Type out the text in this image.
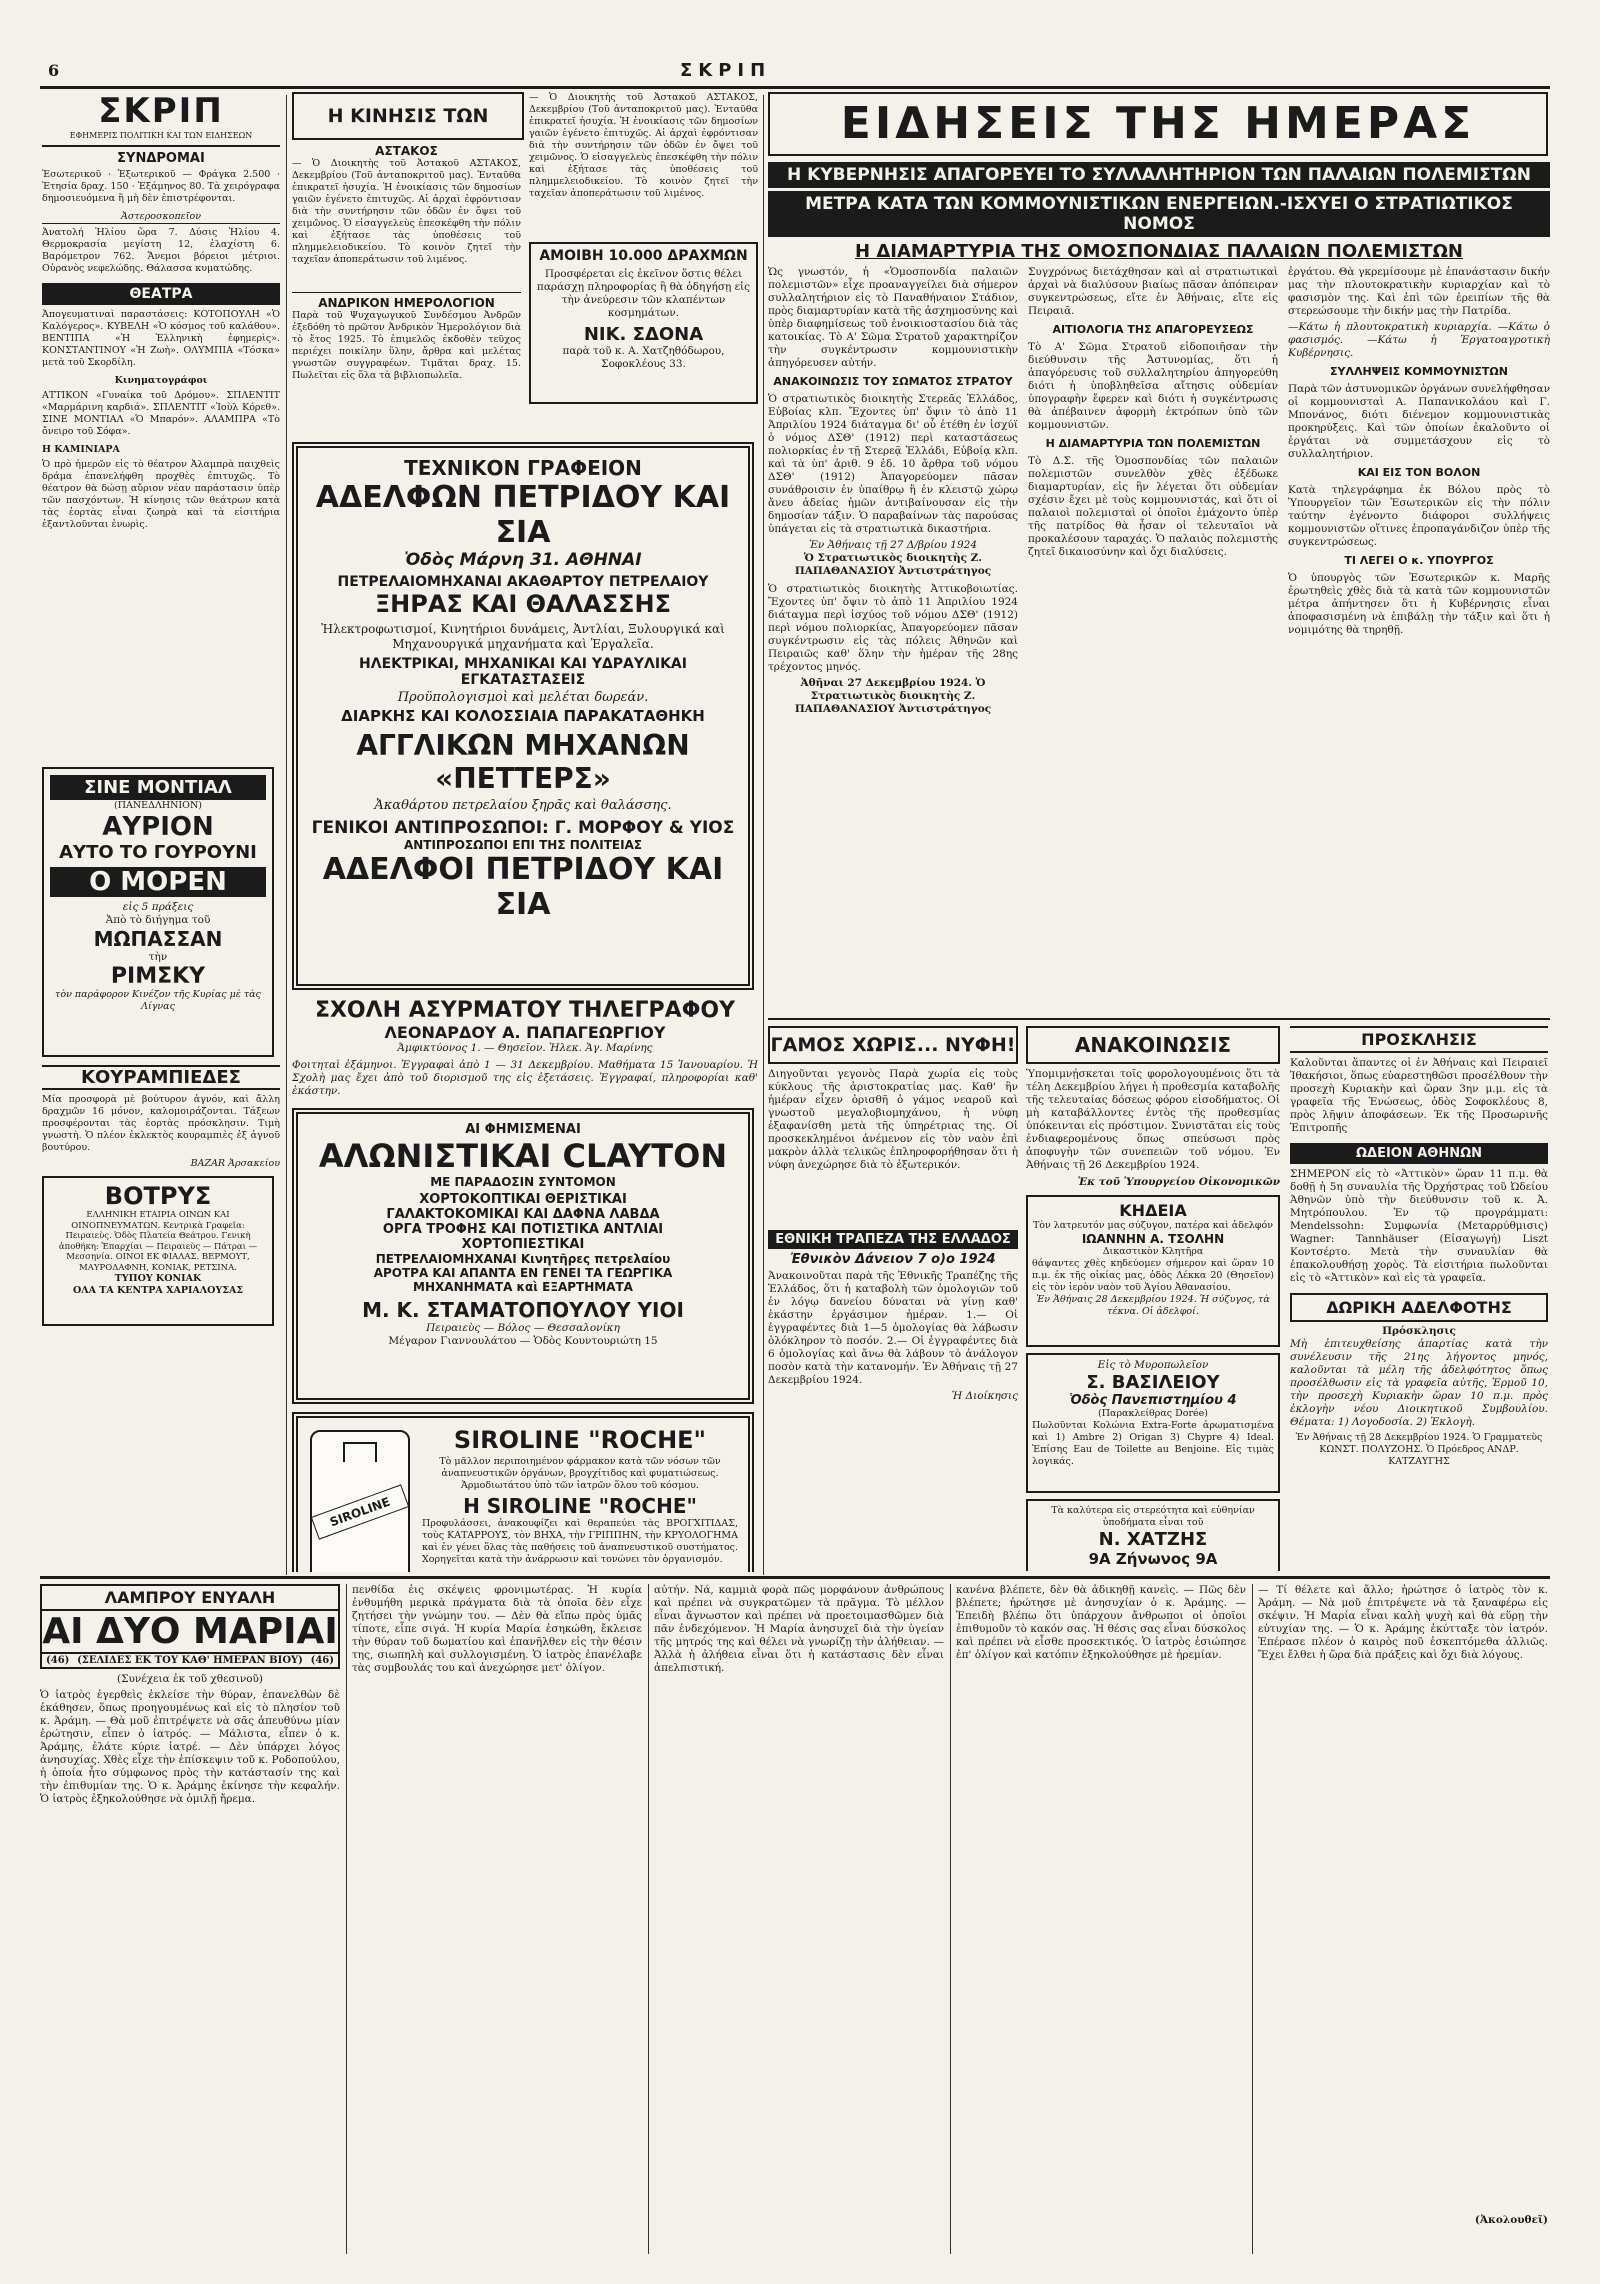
6	ΣΚΡΙΠ
ΣΚΡΙΠ
ΕΦΗΜΕΡΙΣ ΠΟΛΙΤΙΚΗ ΚΑΙ ΤΩΝ ΕΙΔΗΣΕΩΝ
ΣΥΝΔΡΟΜΑΙ
Ἐσωτερικοῦ · Ἐξωτερικοῦ — Φράγκα 2.500 · Ἐτησία δραχ. 150 · Ἑξάμηνος 80. Τὰ χειρόγραφα δημοσιευόμενα ἢ μὴ δὲν ἐπιστρέφονται.
Ἀστεροσκοπεῖον
Ἀνατολή Ἡλίου ὥρα 7. Δύσις Ἡλίου 4. Θερμοκρασία μεγίστη 12, ἐλαχίστη 6. Βαρόμετρον 762. Ἄνεμοι βόρειοι μέτριοι. Οὐρανὸς νεφελώδης. Θάλασσα κυματώδης.
ΘΕΑΤΡΑ
Ἀπογευματιναὶ παραστάσεις: ΚΟΤΟΠΟΥΛΗ «Ὁ Καλόγερος». ΚΥΒΕΛΗ «Ὁ κόσμος τοῦ καλάθου». ΒΕΝΤΙΠΑ «Ἡ Ἑλληνικὴ ἐφημερὶς». ΚΟΝΣΤΑΝΤΙΝΟΥ «Ἡ Ζωὴ». ΟΛΥΜΠΙΑ «Τόσκα» μετὰ τοῦ Σκορδίλη.
Κινηματογράφοι
ΑΤΤΙΚΟΝ «Γυναίκα τοῦ Δρόμου». ΣΠΛΕΝΤΙΤ «Μαρμάρινη καρδιά». ΣΠΛΕΝΤΙΤ «Ἰοὺλ Κόρεθ». ΣΙΝΕ ΜΟΝΤΙΑΛ «Ὁ Μπαρόν». ΑΛΑΜΠΡΑ «Τὸ ὄνειρο τοῦ Σόφα».
Η ΚΑΜΙΝΙΑΡΑ
Ὁ πρὸ ἡμερῶν εἰς τὸ θέατρον Ἀλαμπρὰ παιχθεὶς δράμα ἐπανελήφθη προχθὲς ἐπιτυχῶς. Τὸ θέατρον θὰ δώσῃ αὔριον νέαν παράστασιν ὑπὲρ τῶν πασχόντων. Ἡ κίνησις τῶν θεάτρων κατὰ τὰς ἑορτὰς εἶναι ζωηρὰ καὶ τὰ εἰσιτήρια ἐξαντλοῦνται ἐνωρὶς.
ΣΙΝΕ ΜΟΝΤΙΑΛ
(ΠΑΝΕΔΛΗΝΙΟΝ)
ΑΥΡΙΟΝ
ΑΥΤΟ ΤΟ ΓΟΥΡΟΥΝΙ
Ο ΜΟΡΕΝ
εἰς 5 πράξεις
Ἀπὸ τὸ διήγημα τοῦ
ΜΩΠΑΣΣΑΝ
τὴν
ΡΙΜΣΚΥ
τὸν παράφορον Κινέζον τῆς Κυρίας μὲ τὰς Λίγνας
ΚΟΥΡΑΜΠΙΕΔΕΣ
Μία προσφορὰ μὲ βούτυρον ἀγνόν, καὶ ἄλλη δραχμῶν 16 μόνον, καλομοιράζονται. Τάξεων προσφέρονται τὰς ἑορτὰς πρόσκλησιν. Τιμὴ γνωστὴ. Ὁ πλέον ἐκλεκτὸς κουραμπιὲς ἐξ ἀγνοῦ βουτύρου.
BAZAR Ἀρσακείου
ΒΟΤΡΥΣ
ΕΛΛΗΝΙΚΗ ΕΤΑΙΡΙΑ ΟΙΝΩΝ ΚΑΙ ΟΙΝΟΠΝΕΥΜΑΤΩΝ. Κεντρικὰ Γραφεῖα: Πειραιεὺς. Ὁδὸς Πλατεία Θεάτρου. Γενικὴ ἀποθήκη: Ἐπαρχίαι — Πειραιεὺς — Πάτραι — Μεσσηνία. ΟΙΝΟΙ ΕΚ ΦΙΑΛΑΣ. ΒΕΡΜΟΥΤ, ΜΑΥΡΟΔΑΦΝΗ, ΚΟΝΙΑΚ, ΡΕΤΣΙΝΑ.
ΤΥΠΟΥ ΚΟΝΙΑΚ
ΟΛΑ ΤΑ ΚΕΝΤΡΑ ΧΑΡΙΑΛΟΥΣΑΣ
Η ΚΙΝΗΣΙΣ ΤΩΝ
ΑΣΤΑΚΟΣ
— Ὁ Διοικητὴς τοῦ Ἀστακοῦ ΑΣΤΑΚΟΣ, Δεκεμβρίου (Τοῦ ἀνταποκριτοῦ μας). Ἐνταῦθα ἐπικρατεῖ ἡσυχία. Ἡ ἐνοικίασις τῶν δημοσίων γαιῶν ἐγένετο ἐπιτυχῶς. Αἱ ἀρχαὶ ἐφρόντισαν διὰ τὴν συντήρησιν τῶν ὁδῶν ἐν ὄψει τοῦ χειμῶνος. Ὁ εἰσαγγελεὺς ἐπεσκέφθη τὴν πόλιν καὶ ἐξήτασε τὰς ὑποθέσεις τοῦ πλημμελειοδικείου. Τὸ κοινὸν ζητεῖ τὴν ταχεῖαν ἀποπεράτωσιν τοῦ λιμένος.
ΑΝΔΡΙΚΟΝ ΗΜΕΡΟΛΟΓΙΟΝ
Παρὰ τοῦ Ψυχαγωγικοῦ Συνδέσμου Ἀνδρῶν ἐξεδόθη τὸ πρῶτον Ἀνδρικὸν Ἡμερολόγιον διὰ τὸ ἔτος 1925. Τὸ ἐπιμελῶς ἐκδοθὲν τεῦχος περιέχει ποικίλην ὕλην, ἄρθρα καὶ μελέτας γνωστῶν συγγραφέων. Τιμᾶται δραχ. 15. Πωλεῖται εἰς ὅλα τὰ βιβλιοπωλεῖα.
— Ὁ Διοικητὴς τοῦ Ἀστακοῦ ΑΣΤΑΚΟΣ, Δεκεμβρίου (Τοῦ ἀνταποκριτοῦ μας). Ἐνταῦθα ἐπικρατεῖ ἡσυχία. Ἡ ἐνοικίασις τῶν δημοσίων γαιῶν ἐγένετο ἐπιτυχῶς. Αἱ ἀρχαὶ ἐφρόντισαν διὰ τὴν συντήρησιν τῶν ὁδῶν ἐν ὄψει τοῦ χειμῶνος. Ὁ εἰσαγγελεὺς ἐπεσκέφθη τὴν πόλιν καὶ ἐξήτασε τὰς ὑποθέσεις τοῦ πλημμελειοδικείου. Τὸ κοινὸν ζητεῖ τὴν ταχεῖαν ἀποπεράτωσιν τοῦ λιμένος.
ΑΜΟΙΒΗ 10.000 ΔΡΑΧΜΩΝ
Προσφέρεται εἰς ἐκεῖνον ὅστις θέλει παράσχῃ πληροφορίας ἢ θὰ ὁδηγήσῃ εἰς τὴν ἀνεύρεσιν τῶν κλαπέντων κοσμημάτων.
ΝΙΚ. ΣΔΟΝΑ
παρὰ τοῦ κ. Α. Χατζηθόδωρου, Σοφοκλέους 33.
ΤΕΧΝΙΚΟΝ ΓΡΑΦΕΙΟΝ
ΑΔΕΛΦΩΝ ΠΕΤΡΙΔΟΥ ΚΑΙ ΣΙΑ
Ὁδὸς Μάρνη 31. ΑΘΗΝΑΙ
ΠΕΤΡΕΛΑΙΟΜΗΧΑΝΑΙ ΑΚΑΘΑΡΤΟΥ ΠΕΤΡΕΛΑΙΟΥ
ΞΗΡΑΣ ΚΑΙ ΘΑΛΑΣΣΗΣ
Ἠλεκτροφωτισμοί, Κινητήριοι δυνάμεις, Ἀντλίαι, Ξυλουργικά καὶ Μηχανουργικά μηχανήματα καὶ Ἐργαλεῖα.
ΗΛΕΚΤΡΙΚΑΙ, ΜΗΧΑΝΙΚΑΙ ΚΑΙ ΥΔΡΑΥΛΙΚΑΙ ΕΓΚΑΤΑΣΤΑΣΕΙΣ
Προϋπολογισμοὶ καὶ μελέται δωρεάν.
ΔΙΑΡΚΗΣ ΚΑΙ ΚΟΛΟΣΣΙΑΙΑ ΠΑΡΑΚΑΤΑΘΗΚΗ
ΑΓΓΛΙΚΩΝ ΜΗΧΑΝΩΝ «ΠΕΤΤΕΡΣ»
Ἀκαθάρτου πετρελαίου ξηρᾶς καὶ θαλάσσης.
ΓΕΝΙΚΟΙ ΑΝΤΙΠΡΟΣΩΠΟΙ: Γ. ΜΟΡΦΟΥ & ΥΙΟΣ
ΑΝΤΙΠΡΟΣΩΠΟΙ ΕΠΙ ΤΗΣ ΠΟΛΙΤΕΙΑΣ
ΑΔΕΛΦΟΙ ΠΕΤΡΙΔΟΥ ΚΑΙ ΣΙΑ
ΣΧΟΛΗ ΑΣΥΡΜΑΤΟΥ ΤΗΛΕΓΡΑΦΟΥ
ΛΕΟΝΑΡΔΟΥ Α. ΠΑΠΑΓΕΩΡΓΙΟΥ
Ἀμφικτύονος 1. — Θησεῖον. Ἠλεκ. Ἁγ. Μαρίνης
Φοιτηταὶ ἐξάμηνοι. Ἐγγραφαὶ ἀπὸ 1 — 31 Δεκεμβρίου. Μαθήματα 15 Ἰανουαρίου. Ἡ Σχολὴ μας ἔχει ἀπὸ τοῦ διορισμοῦ της εἰς ἐξετάσεις. Ἐγγραφαί, πληροφορίαι καθ' ἑκάστην.
ΑΙ ΦΗΜΙΣΜΕΝΑΙ
ΑΛΩΝΙΣΤΙΚΑΙ CLAYTON
ΜΕ ΠΑΡΑΔΟΣΙΝ ΣΥΝΤΟΜΟΝ
ΧΟΡΤΟΚΟΠΤΙΚΑΙ ΘΕΡΙΣΤΙΚΑΙ
ΓΑΛΑΚΤΟΚΟΜΙΚΑΙ ΚΑΙ ΔΑΦΝΑ ΛΑΒΔΑ
ΟΡΓΑ ΤΡΟΦΗΣ ΚΑΙ ΠΟΤΙΣΤΙΚΑ ΑΝΤΛΙΑΙ
ΧΟΡΤΟΠΙΕΣΤΙΚΑΙ
ΠΕΤΡΕΛΑΙΟΜΗΧΑΝΑΙ Κινητῆρες πετρελαίου
ΑΡΟΤΡΑ ΚΑΙ ΑΠΑΝΤΑ ΕΝ ΓΕΝΕΙ ΤΑ ΓΕΩΡΓΙΚΑ
ΜΗΧΑΝΗΜΑΤΑ καὶ ΕΞΑΡΤΗΜΑΤΑ
Μ. Κ. ΣΤΑΜΑΤΟΠΟΥΛΟΥ ΥΙΟΙ
Πειραιεὺς — Βόλος — Θεσσαλονίκη
Μέγαρον Γιαννουλάτου — Ὁδὸς Κουντουριώτη 15
SIROLINE
SIROLINE "ROCHE"
Τὸ μᾶλλον περιποιημένον φάρμακον κατὰ τῶν νόσων τῶν ἀναπνευστικῶν ὀργάνων, βρογχίτιδος καὶ φυματιώσεως. Ἀρμοδιωτάτου ὑπὸ τῶν ἰατρῶν ὅλου τοῦ κόσμου.
Η SIROLINE "ROCHE"
Προφυλάσσει, ἀνακουφίζει καὶ θεραπεύει τὰς ΒΡΟΓΧΙΤΙΔΑΣ, τοὺς ΚΑΤΑΡΡΟΥΣ, τὸν ΒΗΧΑ, τὴν ΓΡΙΠΠΗΝ, τὴν ΚΡΥΟΛΟΓΗΜΑ καὶ ἐν γένει ὅλας τὰς παθήσεις τοῦ ἀναπνευστικοῦ συστήματος. Χορηγεῖται κατὰ τὴν ἀνάρρωσιν καὶ τονώνει τὸν ὀργανισμόν.
ΕΙΔΗΣΕΙΣ ΤΗΣ ΗΜΕΡΑΣ
Η ΚΥΒΕΡΝΗΣΙΣ ΑΠΑΓΟΡΕΥΕΙ ΤΟ ΣΥΛΛΑΛΗΤΗΡΙΟΝ ΤΩΝ ΠΑΛΑΙΩΝ ΠΟΛΕΜΙΣΤΩΝ
ΜΕΤΡΑ ΚΑΤΑ ΤΩΝ ΚΟΜΜΟΥΝΙΣΤΙΚΩΝ ΕΝΕΡΓΕΙΩΝ.-ΙΣΧΥΕΙ Ο ΣΤΡΑΤΙΩΤΙΚΟΣ ΝΟΜΟΣ
Η ΔΙΑΜΑΡΤΥΡΙΑ ΤΗΣ ΟΜΟΣΠΟΝΔΙΑΣ ΠΑΛΑΙΩΝ ΠΟΛΕΜΙΣΤΩΝ
Ὡς γνωστόν, ἡ «Ὁμοσπονδία παλαιῶν πολεμιστῶν» εἶχε προαναγγείλει διὰ σήμερον συλλαλητήριον εἰς τὸ Παναθήναιον Στάδιον, πρὸς διαμαρτυρίαν κατὰ τῆς ἀσχημοσύνης καὶ ὑπὲρ διαφημίσεως τοῦ ἐνοικιοστασίου διὰ τὰς κατοικίας. Τὸ Α' Σῶμα Στρατοῦ χαρακτηρίζον τὴν συγκέντρωσιν κομμουνιστικὴν ἀπηγόρευσεν αὐτήν.
ΑΝΑΚΟΙΝΩΣΙΣ ΤΟΥ ΣΩΜΑΤΟΣ ΣΤΡΑΤΟΥ
Ὁ στρατιωτικὸς διοικητὴς Στερεᾶς Ἑλλάδος, Εὐβοίας κλπ. Ἔχοντες ὑπ' ὄψιν τὸ ἀπὸ 11 Ἀπριλίου 1924 διάταγμα δι' οὗ ἐτέθη ἐν ἰσχύϊ ὁ νόμος ΔΣΘ' (1912) περὶ καταστάσεως πολιορκίας ἐν τῇ Στερεᾷ Ἑλλάδι, Εὐβοίᾳ κλπ. καὶ τὰ ὑπ' ἀριθ. 9 ἐδ. 10 ἄρθρα τοῦ νόμου ΔΣΘ' (1912) Ἀπαγορεύομεν πᾶσαν συνάθροισιν ἐν ὑπαίθρῳ ἢ ἐν κλειστῷ χώρῳ ἄνευ ἀδείας ἡμῶν ἀντιβαίνουσαν εἰς τὴν δημοσίαν τάξιν. Ὁ παραβαίνων τὰς παρούσας ὑπάγεται εἰς τὰ στρατιωτικὰ δικαστήρια.
Ἐν Ἀθήναις τῇ 27 Δ/βρίου 1924
Ὁ Στρατιωτικὸς διοικητὴς Ζ. ΠΑΠΑΘΑΝΑΣΙΟΥ Ἀντιστράτηγος
Ὁ στρατιωτικὸς διοικητὴς Ἀττικοβοιωτίας. Ἔχοντες ὑπ' ὄψιν τὸ ἀπὸ 11 Ἀπριλίου 1924 διάταγμα περὶ ἰσχύος τοῦ νόμου ΔΣΘ' (1912) περὶ νόμου πολιορκίας, Ἀπαγορεύομεν πᾶσαν συγκέντρωσιν εἰς τὰς πόλεις Ἀθηνῶν καὶ Πειραιῶς καθ' ὅλην τὴν ἡμέραν τῆς 28ης τρέχοντος μηνός.
Ἀθῆναι 27 Δεκεμβρίου 1924. Ὁ Στρατιωτικὸς διοικητὴς Ζ. ΠΑΠΑΘΑΝΑΣΙΟΥ Ἀντιστράτηγος
Συγχρόνως διετάχθησαν καὶ αἱ στρατιωτικαὶ ἀρχαὶ νὰ διαλύσουν βιαίως πᾶσαν ἀπόπειραν συγκεντρώσεως, εἴτε ἐν Ἀθήναις, εἴτε εἰς Πειραιᾶ.
ΑΙΤΙΟΛΟΓΙΑ ΤΗΣ ΑΠΑΓΟΡΕΥΣΕΩΣ
Τὸ Α' Σῶμα Στρατοῦ εἰδοποιῆσαν τὴν διεύθυνσιν τῆς Ἀστυνομίας, ὅτι ἡ ἀπαγόρευσις τοῦ συλλαλητηρίου ἀπηγορεύθη διότι ἡ ὑποβληθεῖσα αἴτησις οὐδεμίαν ὑπογραφὴν ἔφερεν καὶ διότι ἡ συγκέντρωσις θὰ ἀπέβαινεν ἀφορμὴ ἐκτρόπων ὑπὸ τῶν κομμουνιστῶν.
Η ΔΙΑΜΑΡΤΥΡΙΑ ΤΩΝ ΠΟΛΕΜΙΣΤΩΝ
Τὸ Δ.Σ. τῆς Ὁμοσπονδίας τῶν παλαιῶν πολεμιστῶν συνελθὸν χθὲς ἐξέδωκε διαμαρτυρίαν, εἰς ἣν λέγεται ὅτι οὐδεμίαν σχέσιν ἔχει μὲ τοὺς κομμουνιστάς, καὶ ὅτι οἱ παλαιοὶ πολεμισταὶ οἱ ὁποῖοι ἐμάχοντο ὑπὲρ τῆς πατρίδος θὰ ἦσαν οἱ τελευταῖοι νὰ προκαλέσουν ταραχάς. Ὁ παλαιὸς πολεμιστὴς ζητεῖ δικαιοσύνην καὶ ὄχι διαλύσεις.
ἐργάτου. Θὰ γκρεμίσουμε μὲ ἐπανάστασιν δικήν μας τὴν πλουτοκρατικὴν κυριαρχίαν καὶ τὸ φασισμὸν της. Καὶ ἐπὶ τῶν ἐρειπίων τῆς θὰ στερεώσουμε τὴν δικήν μας τὴν Πατρίδα.
—Κάτω ἡ πλουτοκρατικὴ κυριαρχία. —Κάτω ὁ φασισμός. —Κάτω ἡ Ἐργατοαγροτικὴ Κυβέρνησις.
ΣΥΛΛΗΨΕΙΣ ΚΟΜΜΟΥΝΙΣΤΩΝ
Παρὰ τῶν ἀστυνομικῶν ὀργάνων συνελήφθησαν οἱ κομμουνισταὶ Α. Παπανικολάου καὶ Γ. Μπονάνος, διότι διένεμον κομμουνιστικὰς προκηρύξεις. Καὶ τῶν ὁποίων ἐκαλοῦντο οἱ ἐργάται νὰ συμμετάσχουν εἰς τὸ συλλαλητήριον.
ΚΑΙ ΕΙΣ ΤΟΝ ΒΟΛΟΝ
Κατὰ τηλεγράφημα ἐκ Βόλου πρὸς τὸ Ὑπουργεῖον τῶν Ἐσωτερικῶν εἰς τὴν πόλιν ταύτην ἐγένοντο διάφοροι συλλήψεις κομμουνιστῶν οἵτινες ἐπροπαγάνδιζον ὑπὲρ τῆς συγκεντρώσεως.
ΤΙ ΛΕΓΕΙ Ο κ. ΥΠΟΥΡΓΟΣ
Ὁ ὑπουργὸς τῶν Ἐσωτερικῶν κ. Μαρῆς ἐρωτηθεὶς χθὲς διὰ τὰ κατὰ τῶν κομμουνιστῶν μέτρα ἀπήντησεν ὅτι ἡ Κυβέρνησις εἶναι ἀποφασισμένη νὰ ἐπιβάλῃ τὴν τάξιν καὶ ὅτι ἡ νομιμότης θὰ τηρηθῇ.
ΓΑΜΟΣ ΧΩΡΙΣ... ΝΥΦΗ!
Διηγοῦνται γεγονὸς Παρὰ χωρία εἰς τοὺς κύκλους τῆς ἀριστοκρατίας μας. Καθ' ἣν ἡμέραν εἶχεν ὁρισθῆ ὁ γάμος νεαροῦ καὶ γνωστοῦ μεγαλοβιομηχάνου, ἡ νύφη ἐξαφανίσθη μετὰ τῆς ὑπηρέτριας της. Οἱ προσκεκλημένοι ἀνέμενον εἰς τὸν ναὸν ἐπὶ μακρὸν ἀλλὰ τελικῶς ἐπληροφορήθησαν ὅτι ἡ νύφη ἀνεχώρησε διὰ τὸ ἐξωτερικόν.
ΕΘΝΙΚΗ ΤΡΑΠΕΖΑ ΤΗΣ ΕΛΛΑΔΟΣ
Ἐθνικὸν Δάνειον 7 ο)ο 1924
Ἀνακοινοῦται παρὰ τῆς Ἐθνικῆς Τραπέζης τῆς Ἑλλάδος, ὅτι ἡ καταβολὴ τῶν ὁμολογιῶν τοῦ ἐν λόγῳ δανείου δύναται νὰ γίνῃ καθ' ἑκάστην ἐργάσιμον ἡμέραν. 1.— Οἱ ἐγγραφέντες διὰ 1—5 ὁμολογίας θὰ λάβωσιν ὁλόκληρον τὸ ποσόν. 2.— Οἱ ἐγγραφέντες διὰ 6 ὁμολογίας καὶ ἄνω θὰ λάβουν τὸ ἀνάλογον ποσὸν κατὰ τὴν κατανομήν. Ἐν Ἀθήναις τῇ 27 Δεκεμβρίου 1924.
Ἡ Διοίκησις
ΑΝΑΚΟΙΝΩΣΙΣ
Ὑπομιμνῄσκεται τοῖς φορολογουμένοις ὅτι τὰ τέλη Δεκεμβρίου λήγει ἡ προθεσμία καταβολῆς τῆς τελευταίας δόσεως φόρου εἰσοδήματος. Οἱ μὴ καταβάλλοντες ἐντὸς τῆς προθεσμίας ὑπόκεινται εἰς πρόστιμον. Συνιστᾶται εἰς τοὺς ἐνδιαφερομένους ὅπως σπεύσωσι πρὸς ἀποφυγὴν τῶν συνεπειῶν τοῦ νόμου. Ἐν Ἀθήναις τῇ 26 Δεκεμβρίου 1924.
Ἐκ τοῦ Ὑπουργείου Οἰκονομικῶν
ΚΗΔΕΙΑ
Τὸν λατρευτόν μας σύζυγον, πατέρα καὶ ἀδελφόν
ΙΩΑΝΝΗΝ Α. ΤΣΟΛΗΝ
Δικαστικὸν Κλητῆρα
θάψαντες χθὲς κηδεύομεν σήμερον καὶ ὥραν 10 π.μ. ἐκ τῆς οἰκίας μας, ὁδὸς Λέκκα 20 (Θησεῖον) εἰς τὸν ἱερὸν ναὸν τοῦ Ἁγίου Ἀθανασίου.
Ἐν Ἀθήναις 28 Δεκεμβρίου 1924. Ἡ σύζυγος, τὰ τέκνα. Οἱ ἀδελφοί.
Εἰς τὸ Μυροπωλεῖον
Σ. ΒΑΣΙΛΕΙΟΥ
Ὁδὸς Πανεπιστημίου 4
(Παρακλείθρας Dorée)
Πωλοῦνται Κολώνια Extra-Forte ἀρωματισμένα καὶ 1) Ambre 2) Origan 3) Chypre 4) Ideal. Ἐπίσης Eau de Toilette au Benjoine. Εἰς τιμὰς λογικάς.
Τὰ καλύτερα εἰς στερεότητα καὶ εὐθηνίαν ὑποδήματα εἶναι τοῦ
Ν. ΧΑΤΖΗΣ
9Α Ζήνωνος 9Α
ΠΡΟΣΚΛΗΣΙΣ
Καλοῦνται ἅπαντες οἱ ἐν Ἀθήναις καὶ Πειραιεῖ Ἰθακήσιοι, ὅπως εὐαρεστηθῶσι προσέλθουν τὴν προσεχὴ Κυριακὴν καὶ ὥραν 3ην μ.μ. εἰς τὰ γραφεῖα τῆς Ἑνώσεως, ὁδὸς Σοφοκλέους 8, πρὸς λῆψιν ἀποφάσεων. Ἐκ τῆς Προσωρινῆς Ἐπιτροπῆς
ΩΔΕΙΟΝ ΑΘΗΝΩΝ
ΣΗΜΕΡΟΝ εἰς τὸ «Ἀττικὸν» ὥραν 11 π.μ. θὰ δοθῇ ἡ 5η συναυλία τῆς Ὀρχήστρας τοῦ Ὠδείου Ἀθηνῶν ὑπὸ τὴν διεύθυνσιν τοῦ κ. Ἀ. Μητρόπουλου. Ἐν τῷ προγράμματι: Mendelssohn: Συμφωνία (Μεταρρύθμισις) Wagner: Tannhäuser (Εἰσαγωγή) Liszt Κοντσέρτο. Μετὰ τὴν συναυλίαν θὰ ἐπακολουθήσῃ χορὸς. Τὰ εἰσιτήρια πωλοῦνται εἰς τὸ «Ἀττικὸν» καὶ εἰς τὰ γραφεῖα.
ΔΩΡΙΚΗ ΑΔΕΛΦΟΤΗΣ
Πρόσκλησις
Μὴ ἐπιτευχθείσης ἀπαρτίας κατὰ τὴν συνέλευσιν τῆς 21ης λήγοντος μηνός, καλοῦνται τὰ μέλη τῆς ἀδελφότητος ὅπως προσέλθωσιν εἰς τὰ γραφεῖα αὐτῆς, Ἑρμοῦ 10, τὴν προσεχὴ Κυριακὴν ὥραν 10 π.μ. πρὸς ἐκλογὴν νέου Διοικητικοῦ Συμβουλίου. Θέματα: 1) Λογοδοσία. 2) Ἐκλογὴ.
Ἐν Ἀθήναις τῇ 28 Δεκεμβρίου 1924. Ὁ Γραμματεὺς ΚΩΝΣΤ. ΠΟΛΥΖΟΗΣ. Ὁ Πρόεδρος ΑΝΔΡ. ΚΑΤΖΑΥΓΗΣ
ΛΑΜΠΡΟΥ ΕΝΥΑΛΗ
ΑΙ ΔΥΟ ΜΑΡΙΑΙ
(46) (ΣΕΛΙΔΕΣ ΕΚ ΤΟΥ ΚΑΘ' ΗΜΕΡΑΝ ΒΙΟΥ) (46)
(Συνέχεια ἐκ τοῦ χθεσινοῦ)
Ὁ ἰατρὸς ἐγερθεὶς ἐκλείσε τὴν θύραν, ἐπανελθὼν δὲ ἐκάθησεν, ὅπως προηγουμένως καὶ εἰς τὸ πλησίον τοῦ κ. Ἀράμη. — Θὰ μοῦ ἐπιτρέψετε νὰ σᾶς ἀπευθύνω μίαν ἐρώτησιν, εἶπεν ὁ ἰατρός. — Μάλιστα, εἶπεν ὁ κ. Ἀράμης, ἐλάτε κύριε ἰατρέ. — Δὲν ὑπάρχει λόγος ἀνησυχίας. Χθὲς εἶχε τὴν ἐπίσκεψιν τοῦ κ. Ροδοπούλου, ἡ ὁποία ἦτο σύμφωνος πρὸς τὴν κατάστασίν της καὶ τὴν ἐπιθυμίαν της. Ὁ κ. Ἀράμης ἐκίνησε τὴν κεφαλήν. Ὁ ἰατρὸς ἐξηκολούθησε νὰ ὁμιλῇ ἤρεμα.
πενθίδα ἐις σκέψεις φρονιμωτέρας. Ἡ κυρία ἐνθυμήθη μερικὰ πράγματα διὰ τὰ ὁποῖα δὲν εἶχε ζητήσει τὴν γνώμην του. — Δὲν θὰ εἴπω πρὸς ὑμᾶς τίποτε, εἶπε σιγά. Ἡ κυρία Μαρία ἐσηκώθη, ἔκλεισε τὴν θύραν τοῦ δωματίου καὶ ἐπανῆλθεν εἰς τὴν θέσιν της, σιωπηλὴ καὶ συλλογισμένη. Ὁ ἰατρὸς ἐπανέλαβε τὰς συμβουλάς του καὶ ἀνεχώρησε μετ' ὀλίγον.
αὐτήν. Νά, καμμιὰ φορὰ πῶς μορφάνουν ἀνθρώπους καὶ πρέπει νὰ συγκρατῶμεν τὰ πρᾶγμα. Τὸ μέλλον εἶναι ἄγνωστον καὶ πρέπει νὰ προετοιμασθῶμεν διὰ πᾶν ἐνδεχόμενον. Ἡ Μαρία ἀνησυχεῖ διὰ τὴν ὑγείαν τῆς μητρός της καὶ θέλει νὰ γνωρίζῃ τὴν ἀλήθειαν. — Ἀλλὰ ἡ ἀλήθεια εἶναι ὅτι ἡ κατάστασις δὲν εἶναι ἀπελπιστική.
κανένα βλέπετε, δὲν θὰ ἀδικηθῇ κανεὶς. — Πῶς δὲν βλέπετε; ἠρώτησε μὲ ἀνησυχίαν ὁ κ. Ἀράμης. — Ἐπειδὴ βλέπω ὅτι ὑπάρχουν ἄνθρωποι οἱ ὁποῖοι ἐπιθυμοῦν τὸ κακόν σας. Ἡ θέσις σας εἶναι δύσκολος καὶ πρέπει νὰ εἶσθε προσεκτικός. Ὁ ἰατρὸς ἐσιώπησε ἐπ' ὀλίγον καὶ κατόπιν ἐξηκολούθησε μὲ ἡρεμίαν.
— Τί θέλετε καὶ ἄλλο; ἠρώτησε ὁ ἰατρὸς τὸν κ. Ἀράμη. — Νὰ μοῦ ἐπιτρέψετε νὰ τὰ ξαναφέρω εἰς σκέψιν. Ἡ Μαρία εἶναι καλὴ ψυχὴ καὶ θὰ εὕρῃ τὴν εὐτυχίαν της. — Ὁ κ. Ἀράμης ἐκύτταξε τὸν ἰατρόν. Ἐπέρασε πλέον ὁ καιρὸς ποῦ ἐσκεπτόμεθα ἀλλιῶς. Ἔχει ἔλθει ἡ ὥρα διὰ πράξεις καὶ ὄχι διὰ λόγους.
(Ἀκολουθεῖ)
